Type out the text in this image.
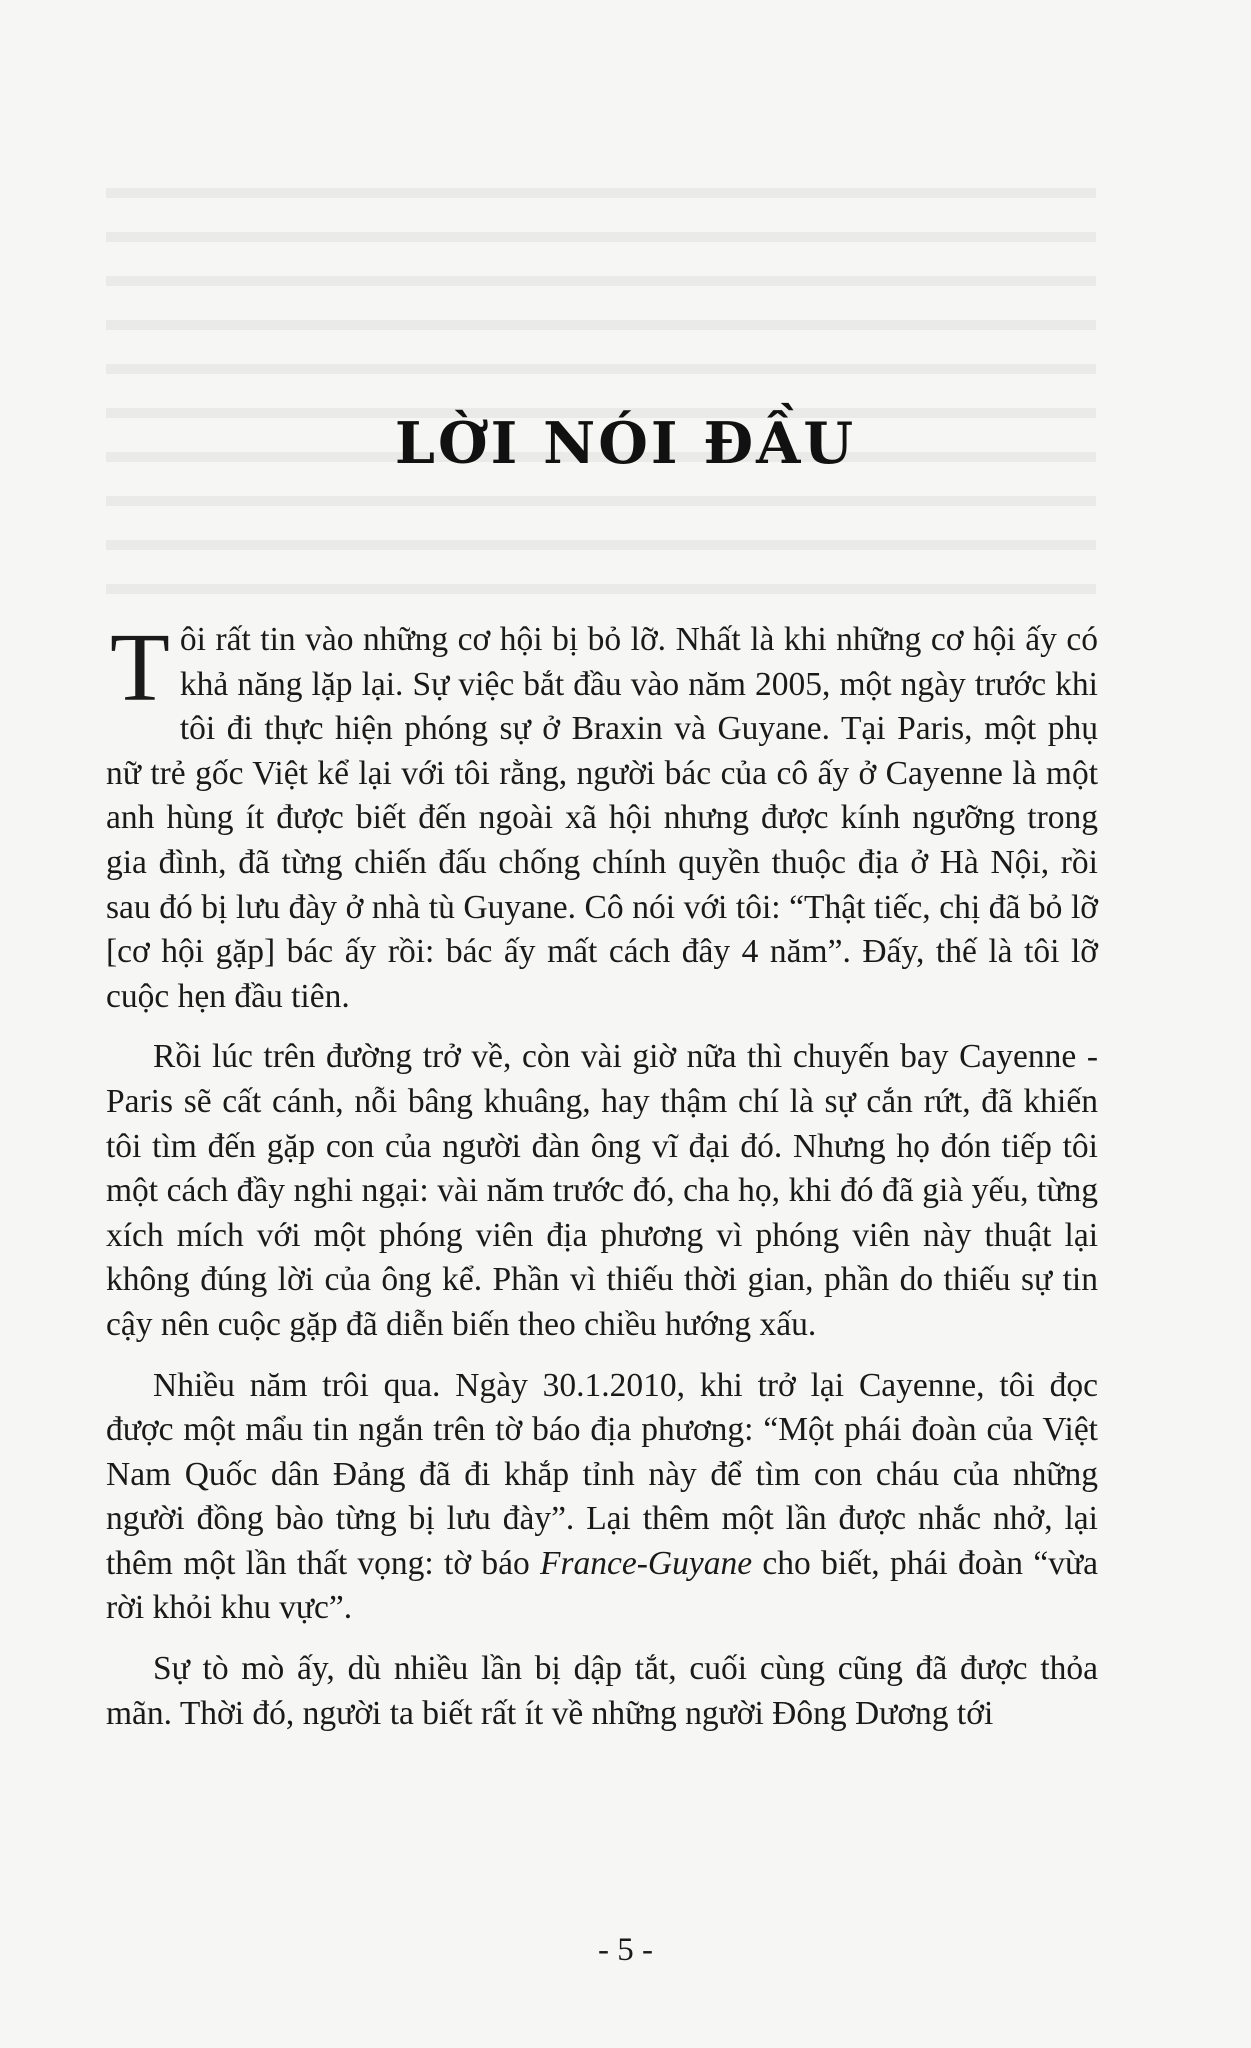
LỜI NÓI ĐẦU

Tôi rất tin vào những cơ hội bị bỏ lỡ. Nhất là khi những cơ hội ấy có khả năng lặp lại. Sự việc bắt đầu vào năm 2005, một ngày trước khi tôi đi thực hiện phóng sự ở Braxin và Guyane. Tại Paris, một phụ nữ trẻ gốc Việt kể lại với tôi rằng, người bác của cô ấy ở Cayenne là một anh hùng ít được biết đến ngoài xã hội nhưng được kính ngưỡng trong gia đình, đã từng chiến đấu chống chính quyền thuộc địa ở Hà Nội, rồi sau đó bị lưu đày ở nhà tù Guyane. Cô nói với tôi: “Thật tiếc, chị đã bỏ lỡ [cơ hội gặp] bác ấy rồi: bác ấy mất cách đây 4 năm”. Đấy, thế là tôi lỡ cuộc hẹn đầu tiên.

Rồi lúc trên đường trở về, còn vài giờ nữa thì chuyến bay Cayenne - Paris sẽ cất cánh, nỗi bâng khuâng, hay thậm chí là sự cắn rứt, đã khiến tôi tìm đến gặp con của người đàn ông vĩ đại đó. Nhưng họ đón tiếp tôi một cách đầy nghi ngại: vài năm trước đó, cha họ, khi đó đã già yếu, từng xích mích với một phóng viên địa phương vì phóng viên này thuật lại không đúng lời của ông kể. Phần vì thiếu thời gian, phần do thiếu sự tin cậy nên cuộc gặp đã diễn biến theo chiều hướng xấu.

Nhiều năm trôi qua. Ngày 30.1.2010, khi trở lại Cayenne, tôi đọc được một mẩu tin ngắn trên tờ báo địa phương: “Một phái đoàn của Việt Nam Quốc dân Đảng đã đi khắp tỉnh này để tìm con cháu của những người đồng bào từng bị lưu đày”. Lại thêm một lần được nhắc nhở, lại thêm một lần thất vọng: tờ báo France-Guyane cho biết, phái đoàn “vừa rời khỏi khu vực”.

Sự tò mò ấy, dù nhiều lần bị dập tắt, cuối cùng cũng đã được thỏa mãn. Thời đó, người ta biết rất ít về những người Đông Dương tới

- 5 -
